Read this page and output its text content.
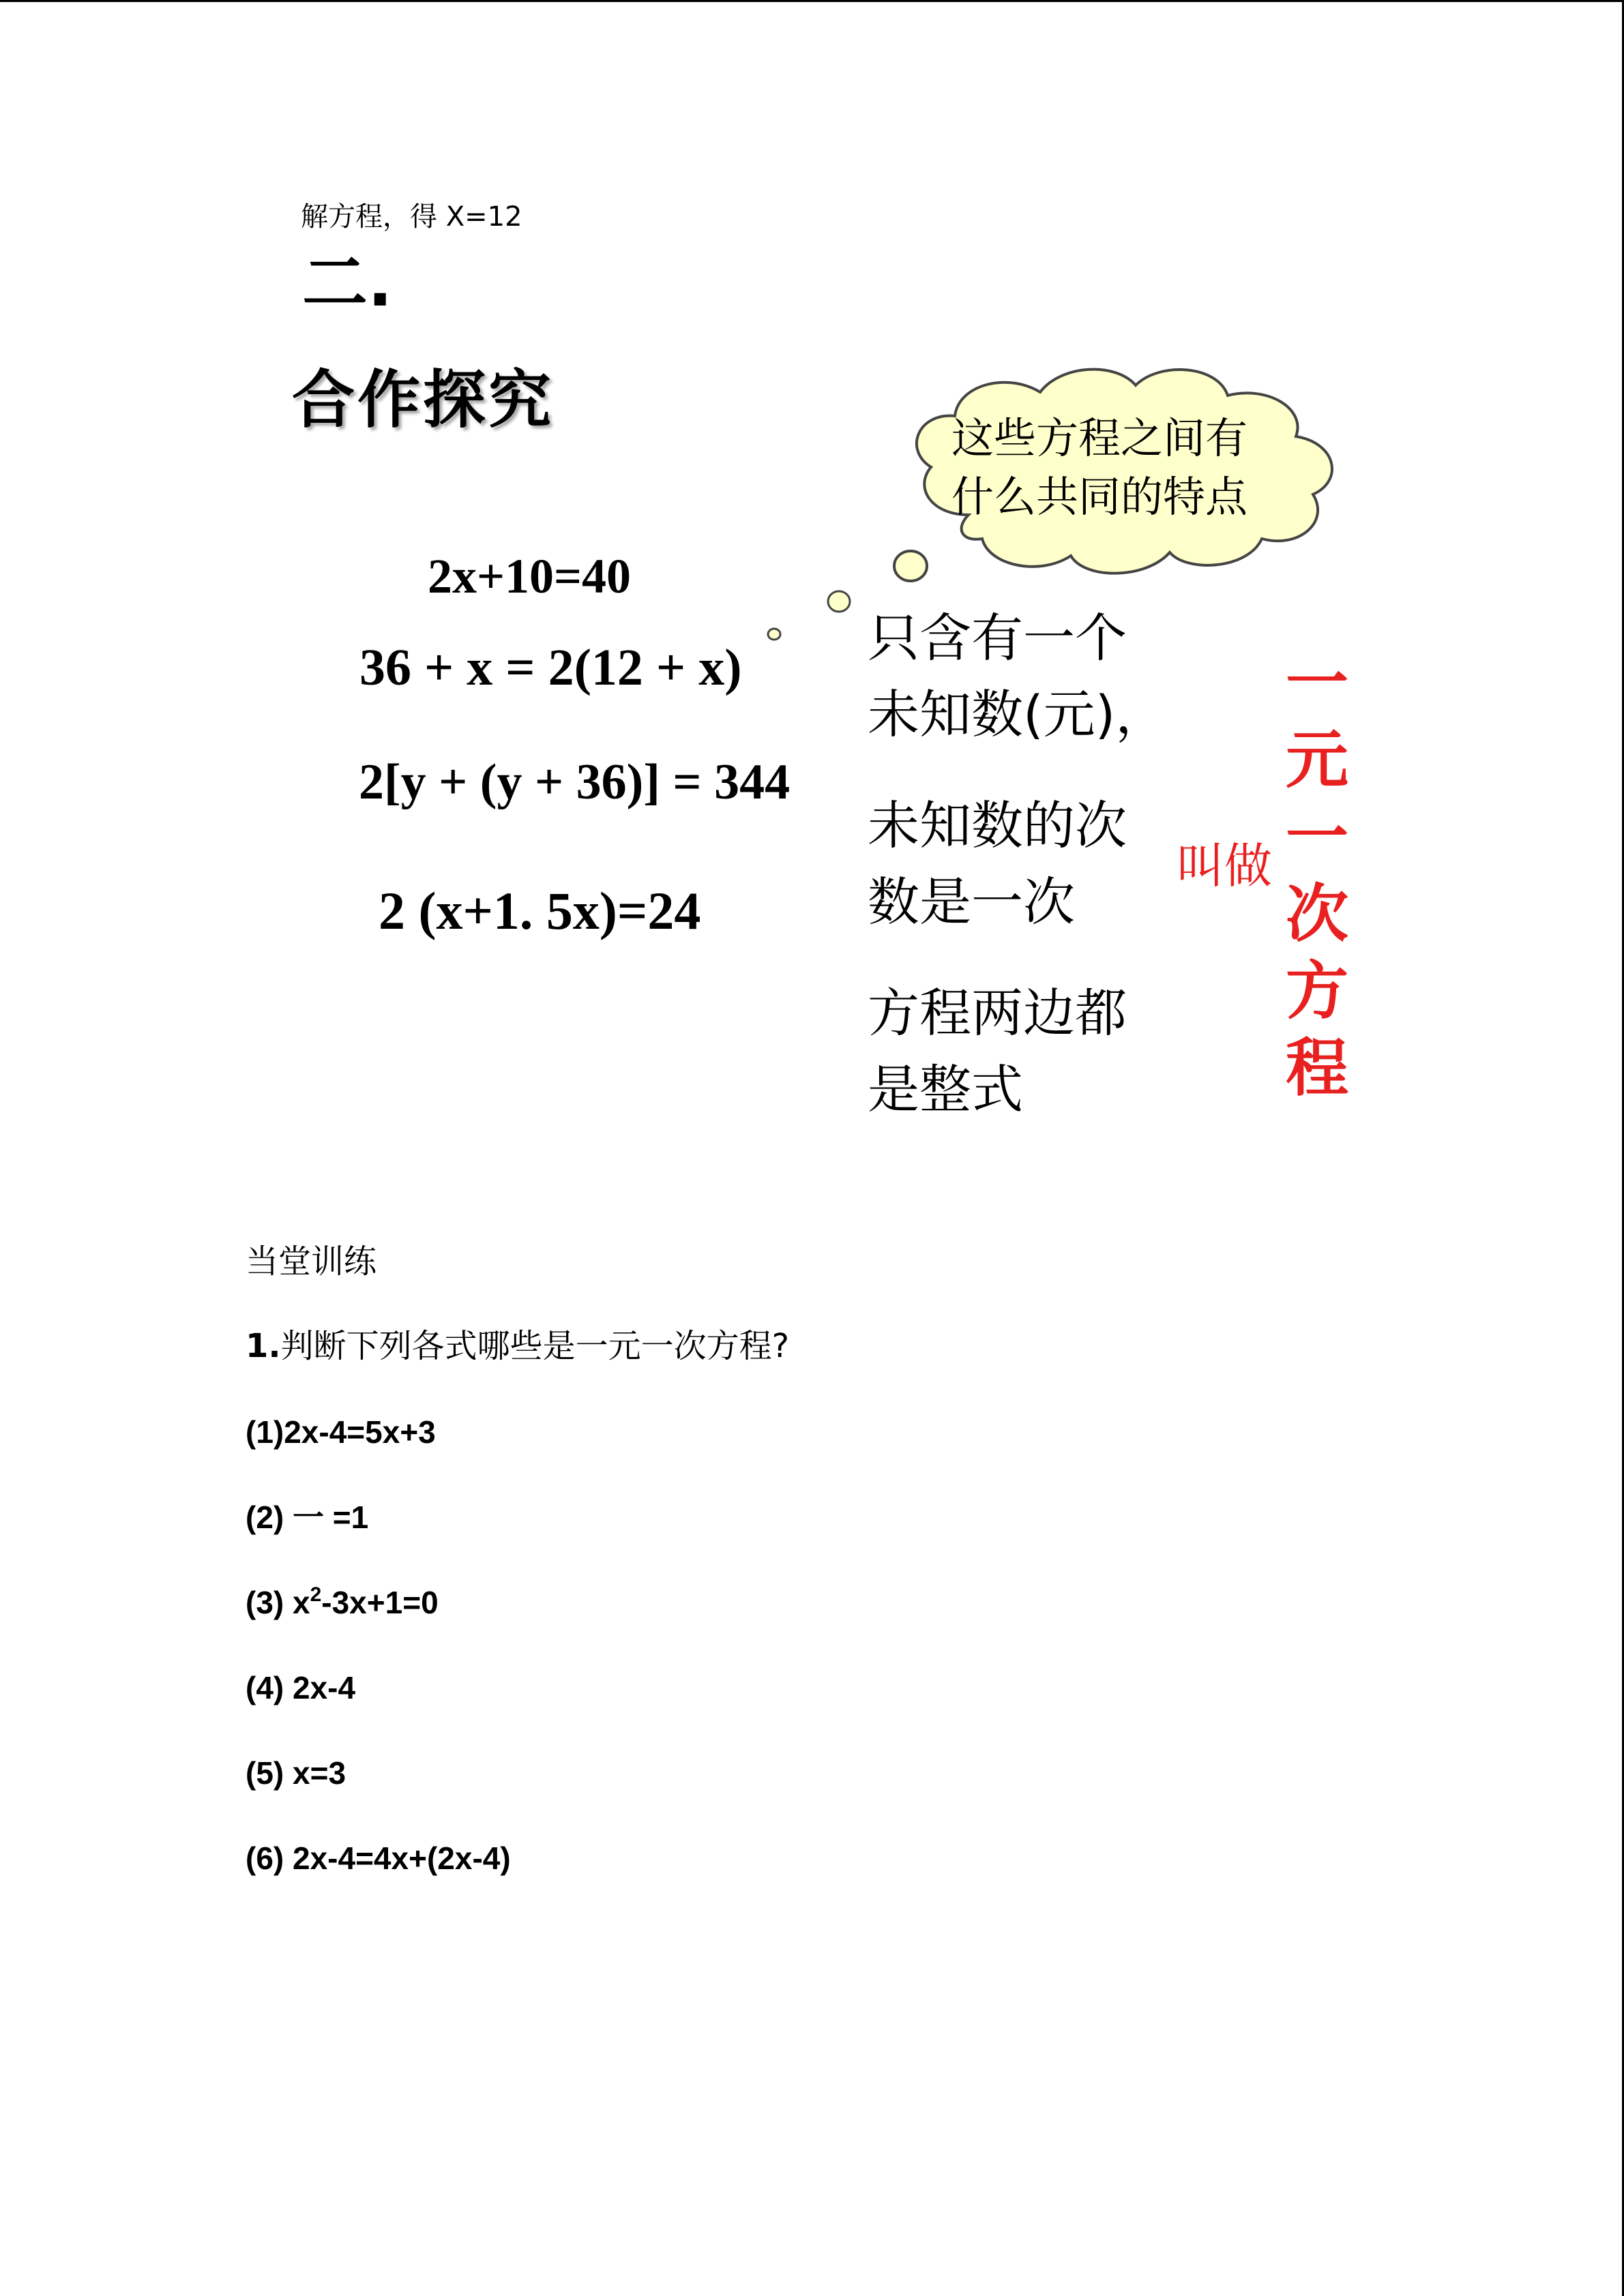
解方程，得 X=12
二.
合作探究
这些方程之间有
什么共同的特点
2x+10=40
36 + x = 2(12 + x)
2[y + (y + 36)] = 344
2 (x+1. 5x)=24
只含有一个
未知数(元)，
未知数的次
数是一次
方程两边都
是整式
叫做
一元一次方程
当堂训练
1.判断下列各式哪些是一元一次方程?
(1)2x-4=5x+3
(2) 一 =1
(3) $x^2-3x+1=0$
(4) 2x-4
(5) x=3
(6) 2x-4=4x+(2x-4)
